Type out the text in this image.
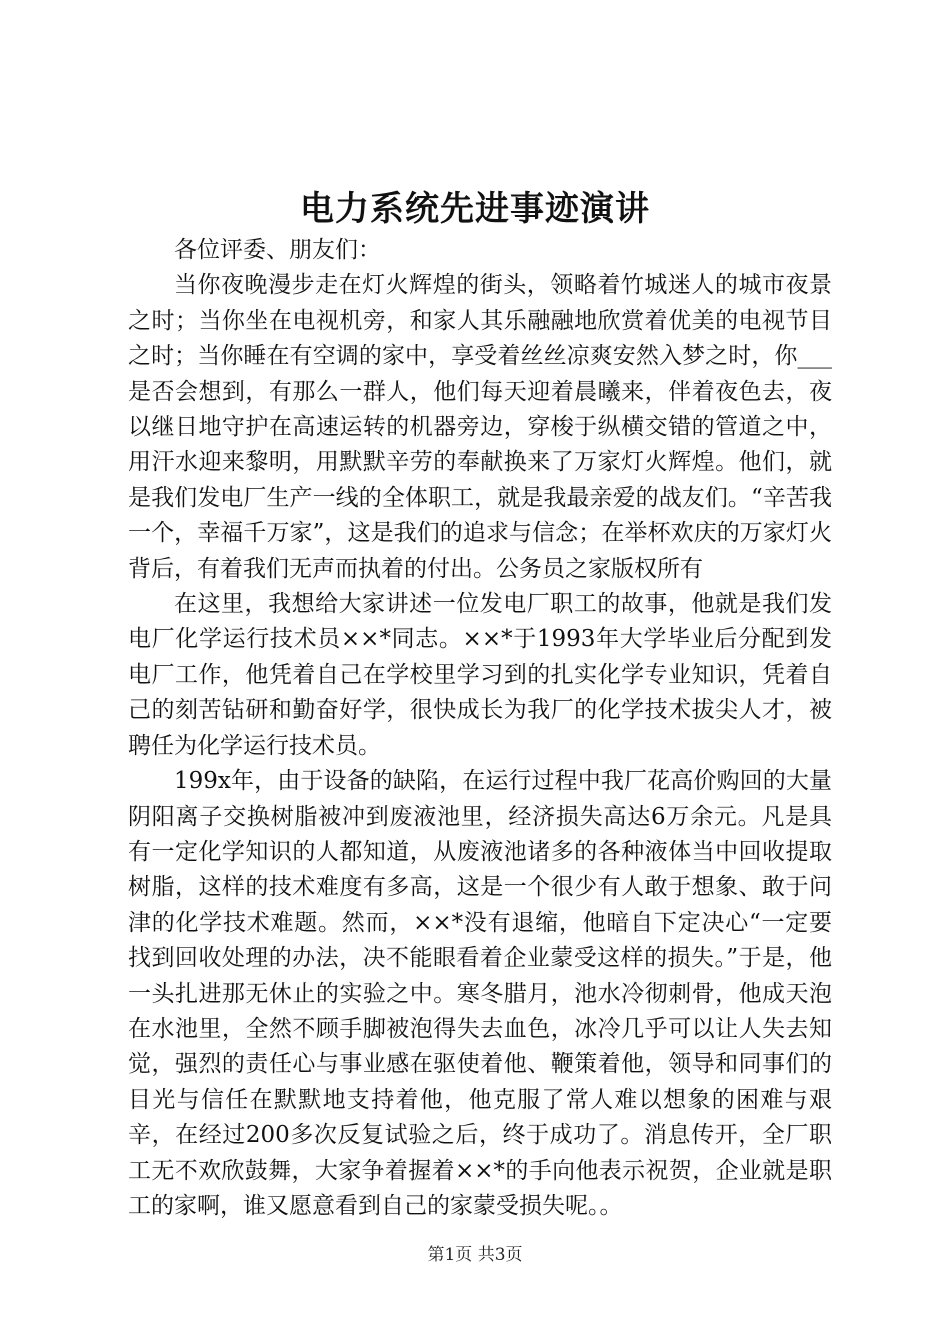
电力系统先进事迹演讲

各位评委、朋友们：

当你夜晚漫步走在灯火辉煌的街头，领略着竹城迷人的城市夜景之时；当你坐在电视机旁，和家人其乐融融地欣赏着优美的电视节目之时；当你睡在有空调的家中，享受着丝丝凉爽安然入梦之时，你___是否会想到，有那么一群人，他们每天迎着晨曦来，伴着夜色去，夜以继日地守护在高速运转的机器旁边，穿梭于纵横交错的管道之中，用汗水迎来黎明，用默默辛劳的奉献换来了万家灯火辉煌。他们，就是我们发电厂生产一线的全体职工，就是我最亲爱的战友们。“辛苦我一个，幸福千万家”，这是我们的追求与信念；在举杯欢庆的万家灯火背后，有着我们无声而执着的付出。公务员之家版权所有

在这里，我想给大家讲述一位发电厂职工的故事，他就是我们发电厂化学运行技术员××*同志。××*于1993年大学毕业后分配到发电厂工作，他凭着自己在学校里学习到的扎实化学专业知识，凭着自己的刻苦钻研和勤奋好学，很快成长为我厂的化学技术拔尖人才，被聘任为化学运行技术员。

199x年，由于设备的缺陷，在运行过程中我厂花高价购回的大量阴阳离子交换树脂被冲到废液池里，经济损失高达6万余元。凡是具有一定化学知识的人都知道，从废液池诸多的各种液体当中回收提取树脂，这样的技术难度有多高，这是一个很少有人敢于想象、敢于问津的化学技术难题。然而，××*没有退缩，他暗自下定决心“一定要找到回收处理的办法，决不能眼看着企业蒙受这样的损失。”于是，他一头扎进那无休止的实验之中。寒冬腊月，池水冷彻刺骨，他成天泡在水池里，全然不顾手脚被泡得失去血色，冰冷几乎可以让人失去知觉，强烈的责任心与事业感在驱使着他、鞭策着他，领导和同事们的目光与信任在默默地支持着他，他克服了常人难以想象的困难与艰辛，在经过200多次反复试验之后，终于成功了。消息传开，全厂职工无不欢欣鼓舞，大家争着握着××*的手向他表示祝贺，企业就是职工的家啊，谁又愿意看到自己的家蒙受损失呢。。

第1页 共3页
